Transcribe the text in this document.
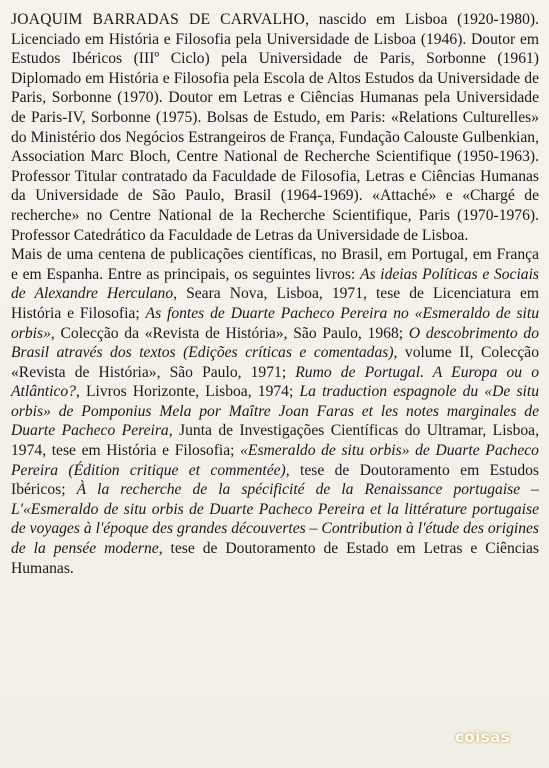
JOAQUIM BARRADAS DE CARVALHO, nascido em Lisboa (1920-1980). Licenciado em História e Filosofia pela Universidade de Lisboa (1946). Doutor em Estudos Ibéricos (IIIº Ciclo) pela Universidade de Paris, Sorbonne (1961) Diplomado em História e Filosofia pela Escola de Altos Estudos da Universidade de Paris, Sorbonne (1970). Doutor em Letras e Ciências Humanas pela Universidade de Paris-IV, Sorbonne (1975). Bolsas de Estudo, em Paris: «Relations Culturelles» do Ministério dos Negócios Estrangeiros de França, Fundação Calouste Gulbenkian, Association Marc Bloch, Centre National de Recherche Scientifique (1950-1963). Professor Titular contratado da Faculdade de Filosofia, Letras e Ciências Humanas da Universidade de São Paulo, Brasil (1964-1969). «Attaché» e «Chargé de recherche» no Centre National de la Recherche Scientifique, Paris (1970-1976). Professor Catedrático da Faculdade de Letras da Universidade de Lisboa.

Mais de uma centena de publicações científicas, no Brasil, em Portugal, em França e em Espanha. Entre as principais, os seguintes livros: As ideias Políticas e Sociais de Alexandre Herculano, Seara Nova, Lisboa, 1971, tese de Licenciatura em História e Filosofia; As fontes de Duarte Pacheco Pereira no «Esmeraldo de situ orbis», Colecção da «Revista de História», São Paulo, 1968; O descobrimento do Brasil através dos textos (Edições críticas e comentadas), volume II, Colecção «Revista de História», São Paulo, 1971; Rumo de Portugal. A Europa ou o Atlântico?, Livros Horizonte, Lisboa, 1974; La traduction espagnole du «De situ orbis» de Pomponius Mela por Maître Joan Faras et les notes marginales de Duarte Pacheco Pereira, Junta de Investigações Científicas do Ultramar, Lisboa, 1974, tese em História e Filosofia; «Esmeraldo de situ orbis» de Duarte Pacheco Pereira (Édition critique et commentée), tese de Doutoramento em Estudos Ibéricos; À la recherche de la spécificité de la Renaissance portugaise – L'«Esmeraldo de situ orbis de Duarte Pacheco Pereira et la littérature portugaise de voyages à l'époque des grandes découvertes – Contribution à l'étude des origines de la pensée moderne, tese de Doutoramento de Estado em Letras e Ciências Humanas.

coisas
